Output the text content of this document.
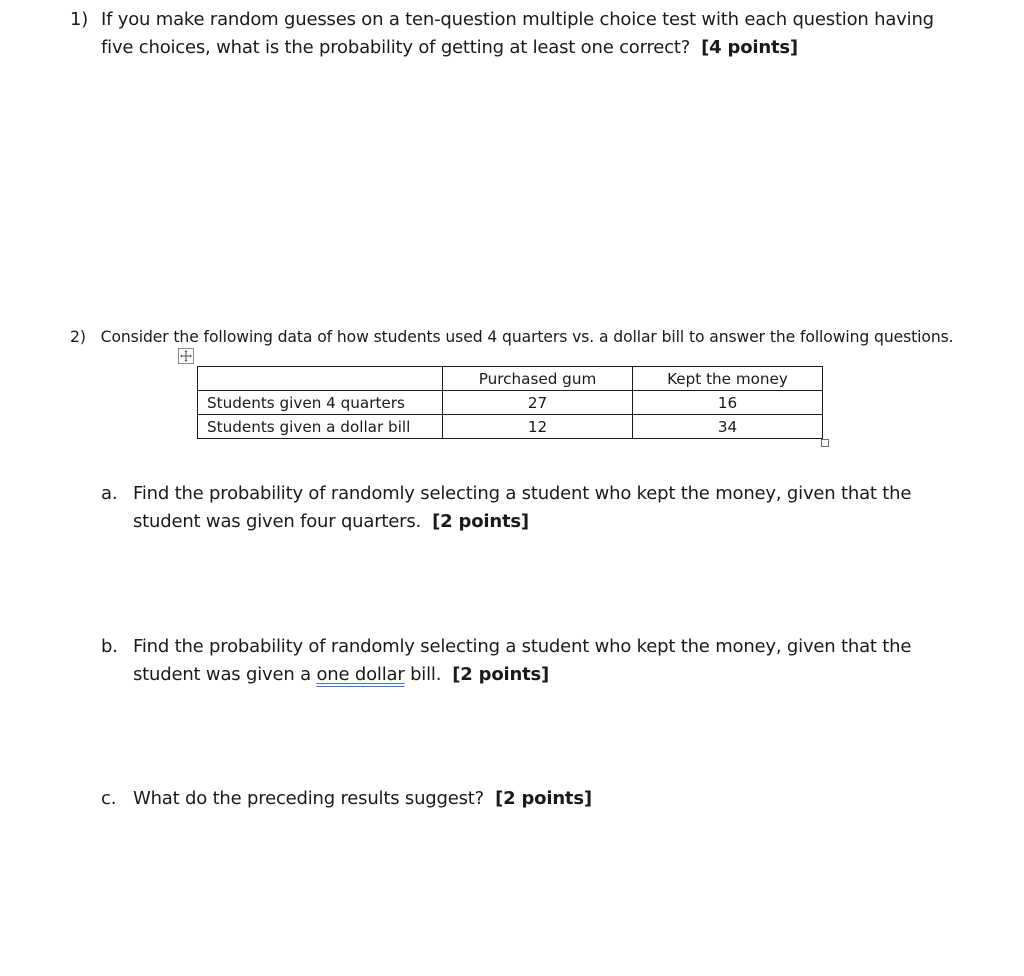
1) If you make random guesses on a ten-question multiple choice test with each question having five choices, what is the probability of getting at least one correct? [4 points]
2) Consider the following data of how students used 4 quarters vs. a dollar bill to answer the following questions.
	Purchased gum	Kept the money
Students given 4 quarters	27	16
Students given a dollar bill	12	34
a. Find the probability of randomly selecting a student who kept the money, given that the student was given four quarters. [2 points]
b. Find the probability of randomly selecting a student who kept the money, given that the student was given a one dollar bill. [2 points]
c. What do the preceding results suggest? [2 points]
